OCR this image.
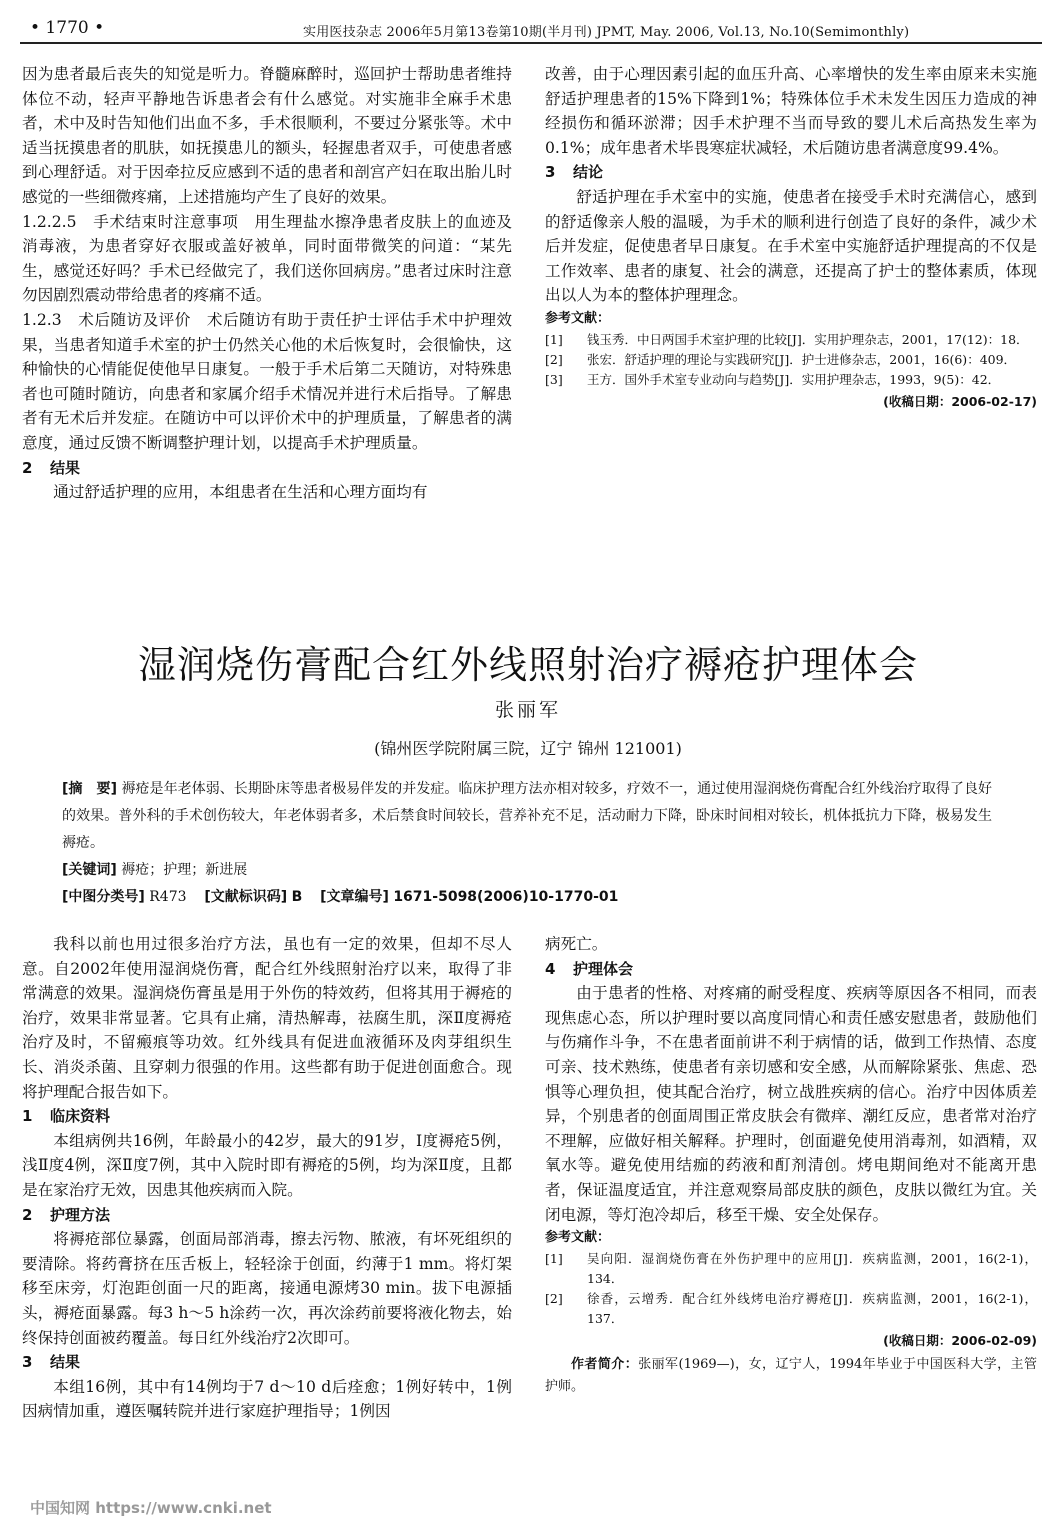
• 1770 •	实用医技杂志 2006年5月第13卷第10期(半月刊) JPMT, May. 2006, Vol.13, No.10(Semimonthly)

因为患者最后丧失的知觉是听力。脊髓麻醉时，巡回护士帮助患者维持体位不动，轻声平静地告诉患者会有什么感觉。对实施非全麻手术患者，术中及时告知他们出血不多，手术很顺利，不要过分紧张等。术中适当抚摸患者的肌肤，如抚摸患儿的额头，轻握患者双手，可使患者感到心理舒适。对于因牵拉反应感到不适的患者和剖宫产妇在取出胎儿时感觉的一些细微疼痛，上述措施均产生了良好的效果。

1.2.2.5　手术结束时注意事项　用生理盐水擦净患者皮肤上的血迹及消毒液，为患者穿好衣服或盖好被单，同时面带微笑的问道：“某先生，感觉还好吗？手术已经做完了，我们送你回病房。”患者过床时注意勿因剧烈震动带给患者的疼痛不适。

1.2.3　术后随访及评价　术后随访有助于责任护士评估手术中护理效果，当患者知道手术室的护士仍然关心他的术后恢复时，会很愉快，这种愉快的心情能促使他早日康复。一般于手术后第二天随访，对特殊患者也可随时随访，向患者和家属介绍手术情况并进行术后指导。了解患者有无术后并发症。在随访中可以评价术中的护理质量，了解患者的满意度，通过反馈不断调整护理计划，以提高手术护理质量。

2 结果

通过舒适护理的应用，本组患者在生活和心理方面均有

改善，由于心理因素引起的血压升高、心率增快的发生率由原来未实施舒适护理患者的15%下降到1%；特殊体位手术未发生因压力造成的神经损伤和循环淤滞；因手术护理不当而导致的婴儿术后高热发生率为0.1%；成年患者术毕畏寒症状减轻，术后随访患者满意度99.4%。

3 结论

舒适护理在手术室中的实施，使患者在接受手术时充满信心，感到的舒适像亲人般的温暖，为手术的顺利进行创造了良好的条件，减少术后并发症，促使患者早日康复。在手术室中实施舒适护理提高的不仅是工作效率、患者的康复、社会的满意，还提高了护士的整体素质，体现出以人为本的整体护理理念。

参考文献：

[1] 钱玉秀．中日两国手术室护理的比较[J]．实用护理杂志，2001，17(12)：18．

[2] 张宏．舒适护理的理论与实践研究[J]．护士进修杂志，2001，16(6)：409．

[3] 王方．国外手术室专业动向与趋势[J]．实用护理杂志，1993，9(5)：42．

(收稿日期：2006-02-17)

湿润烧伤膏配合红外线照射治疗褥疮护理体会
张丽军
(锦州医学院附属三院，辽宁 锦州 121001)

[摘　要] 褥疮是年老体弱、长期卧床等患者极易伴发的并发症。临床护理方法亦相对较多，疗效不一，通过使用湿润烧伤膏配合红外线治疗取得了良好的效果。普外科的手术创伤较大，年老体弱者多，术后禁食时间较长，营养补充不足，活动耐力下降，卧床时间相对较长，机体抵抗力下降，极易发生褥疮。

[关键词] 褥疮；护理；新进展

[中图分类号] R473 [文献标识码] B [文章编号] 1671-5098(2006)10-1770-01

我科以前也用过很多治疗方法，虽也有一定的效果，但却不尽人意。自2002年使用湿润烧伤膏，配合红外线照射治疗以来，取得了非常满意的效果。湿润烧伤膏虽是用于外伤的特效药，但将其用于褥疮的治疗，效果非常显著。它具有止痛，清热解毒，祛腐生肌，深Ⅱ度褥疮治疗及时，不留瘢痕等功效。红外线具有促进血液循环及肉芽组织生长、消炎杀菌、且穿刺力很强的作用。这些都有助于促进创面愈合。现将护理配合报告如下。

1 临床资料

本组病例共16例，年龄最小的42岁，最大的91岁，Ⅰ度褥疮5例，浅Ⅱ度4例，深Ⅱ度7例，其中入院时即有褥疮的5例，均为深Ⅱ度，且都是在家治疗无效，因患其他疾病而入院。

2 护理方法

将褥疮部位暴露，创面局部消毒，擦去污物、脓液，有坏死组织的要清除。将药膏挤在压舌板上，轻轻涂于创面，约薄于1 mm。将灯架移至床旁，灯泡距创面一尺的距离，接通电源烤30 min。拔下电源插头，褥疮面暴露。每3 h～5 h涂药一次，再次涂药前要将液化物去，始终保持创面被药覆盖。每日红外线治疗2次即可。

3 结果

本组16例，其中有14例均于7 d～10 d后痊愈；1例好转中，1例因病情加重，遵医嘱转院并进行家庭护理指导；1例因

病死亡。

4 护理体会

由于患者的性格、对疼痛的耐受程度、疾病等原因各不相同，而表现焦虑心态，所以护理时要以高度同情心和责任感安慰患者，鼓励他们与伤痛作斗争，不在患者面前讲不利于病情的话，做到工作热情、态度可亲、技术熟练，使患者有亲切感和安全感，从而解除紧张、焦虑、恐惧等心理负担，使其配合治疗，树立战胜疾病的信心。治疗中因体质差异，个别患者的创面周围正常皮肤会有微痒、潮红反应，患者常对治疗不理解，应做好相关解释。护理时，创面避免使用消毒剂，如酒精，双氧水等。避免使用结痂的药液和酊剂清创。烤电期间绝对不能离开患者，保证温度适宜，并注意观察局部皮肤的颜色，皮肤以微红为宜。关闭电源，等灯泡冷却后，移至干燥、安全处保存。

参考文献：

[1] 吴向阳．湿润烧伤膏在外伤护理中的应用[J]．疾病监测，2001，16(2-1)，134．

[2] 徐香，云增秀．配合红外线烤电治疗褥疮[J]．疾病监测，2001，16(2-1)，137．

(收稿日期：2006-02-09)

作者简介：张丽军(1969—)，女，辽宁人，1994年毕业于中国医科大学，主管护师。

中国知网 https://www.cnki.net
